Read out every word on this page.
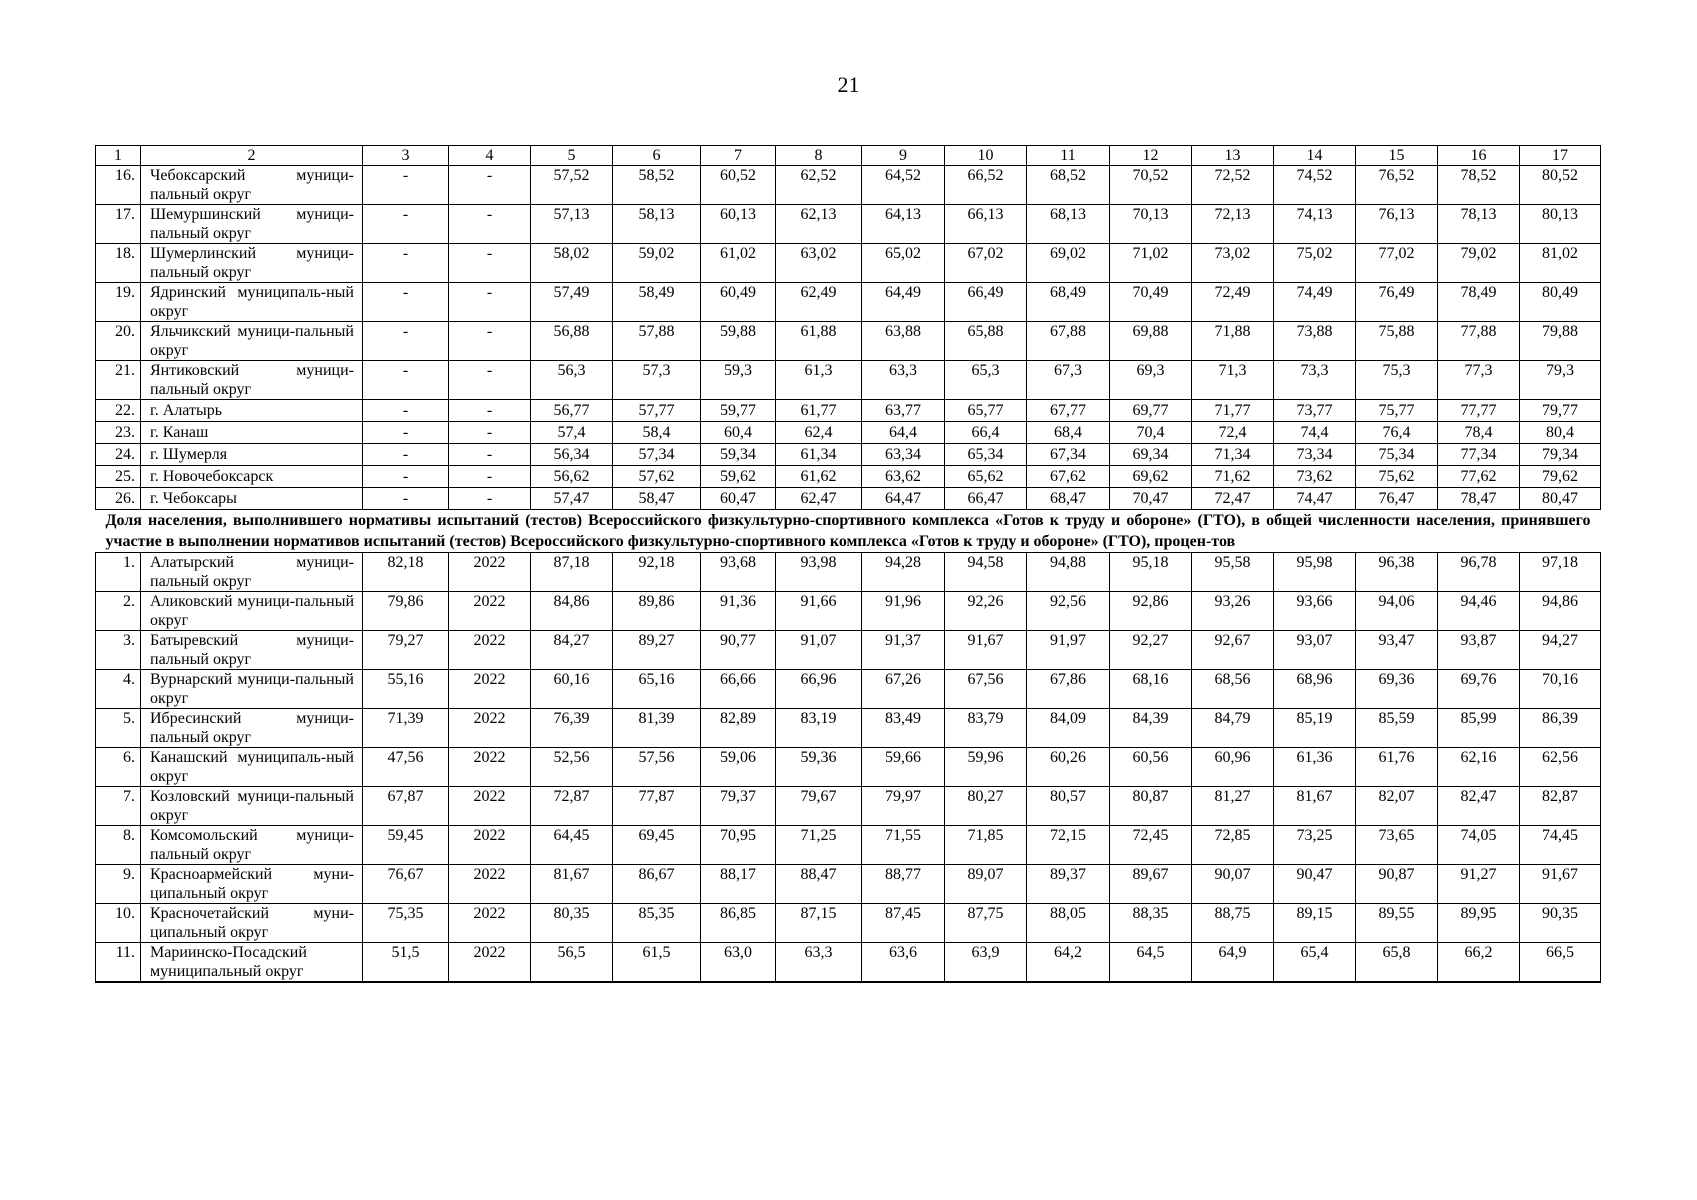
21
1	2	3	4	5	6	7	8	9	10	11	12	13	14	15	16	17
16.	Чебоксарский муници-пальный округ	-	-	57,52	58,52	60,52	62,52	64,52	66,52	68,52	70,52	72,52	74,52	76,52	78,52	80,52
17.	Шемуршинский муници-пальный округ	-	-	57,13	58,13	60,13	62,13	64,13	66,13	68,13	70,13	72,13	74,13	76,13	78,13	80,13
18.	Шумерлинский муници-пальный округ	-	-	58,02	59,02	61,02	63,02	65,02	67,02	69,02	71,02	73,02	75,02	77,02	79,02	81,02
19.	Ядринский муниципаль-ный округ	-	-	57,49	58,49	60,49	62,49	64,49	66,49	68,49	70,49	72,49	74,49	76,49	78,49	80,49
20.	Яльчикский муници-пальный округ	-	-	56,88	57,88	59,88	61,88	63,88	65,88	67,88	69,88	71,88	73,88	75,88	77,88	79,88
21.	Янтиковский муници-пальный округ	-	-	56,3	57,3	59,3	61,3	63,3	65,3	67,3	69,3	71,3	73,3	75,3	77,3	79,3
22.	г. Алатырь	-	-	56,77	57,77	59,77	61,77	63,77	65,77	67,77	69,77	71,77	73,77	75,77	77,77	79,77
23.	г. Канаш	-	-	57,4	58,4	60,4	62,4	64,4	66,4	68,4	70,4	72,4	74,4	76,4	78,4	80,4
24.	г. Шумерля	-	-	56,34	57,34	59,34	61,34	63,34	65,34	67,34	69,34	71,34	73,34	75,34	77,34	79,34
25.	г. Новочебоксарск	-	-	56,62	57,62	59,62	61,62	63,62	65,62	67,62	69,62	71,62	73,62	75,62	77,62	79,62
26.	г. Чебоксары	-	-	57,47	58,47	60,47	62,47	64,47	66,47	68,47	70,47	72,47	74,47	76,47	78,47	80,47
Доля населения, выполнившего нормативы испытаний (тестов) Всероссийского физкультурно-спортивного комплекса «Готов к труду и обороне» (ГТО), в общей численности населения, принявшего участие в выполнении нормативов испытаний (тестов) Всероссийского физкультурно-спортивного комплекса «Готов к труду и обороне» (ГТО), процен-тов																
1.	Алатырский муници-пальный округ	82,18	2022	87,18	92,18	93,68	93,98	94,28	94,58	94,88	95,18	95,58	95,98	96,38	96,78	97,18
2.	Аликовский муници-пальный округ	79,86	2022	84,86	89,86	91,36	91,66	91,96	92,26	92,56	92,86	93,26	93,66	94,06	94,46	94,86
3.	Батыревский муници-пальный округ	79,27	2022	84,27	89,27	90,77	91,07	91,37	91,67	91,97	92,27	92,67	93,07	93,47	93,87	94,27
4.	Вурнарский муници-пальный округ	55,16	2022	60,16	65,16	66,66	66,96	67,26	67,56	67,86	68,16	68,56	68,96	69,36	69,76	70,16
5.	Ибресинский муници-пальный округ	71,39	2022	76,39	81,39	82,89	83,19	83,49	83,79	84,09	84,39	84,79	85,19	85,59	85,99	86,39
6.	Канашский муниципаль-ный округ	47,56	2022	52,56	57,56	59,06	59,36	59,66	59,96	60,26	60,56	60,96	61,36	61,76	62,16	62,56
7.	Козловский муници-пальный округ	67,87	2022	72,87	77,87	79,37	79,67	79,97	80,27	80,57	80,87	81,27	81,67	82,07	82,47	82,87
8.	Комсомольский муници-пальный округ	59,45	2022	64,45	69,45	70,95	71,25	71,55	71,85	72,15	72,45	72,85	73,25	73,65	74,05	74,45
9.	Красноармейский муни-ципальный округ	76,67	2022	81,67	86,67	88,17	88,47	88,77	89,07	89,37	89,67	90,07	90,47	90,87	91,27	91,67
10.	Красночетайский муни-ципальный округ	75,35	2022	80,35	85,35	86,85	87,15	87,45	87,75	88,05	88,35	88,75	89,15	89,55	89,95	90,35
11.	Мариинско-Посадский муниципальный округ	51,5	2022	56,5	61,5	63,0	63,3	63,6	63,9	64,2	64,5	64,9	65,4	65,8	66,2	66,5
